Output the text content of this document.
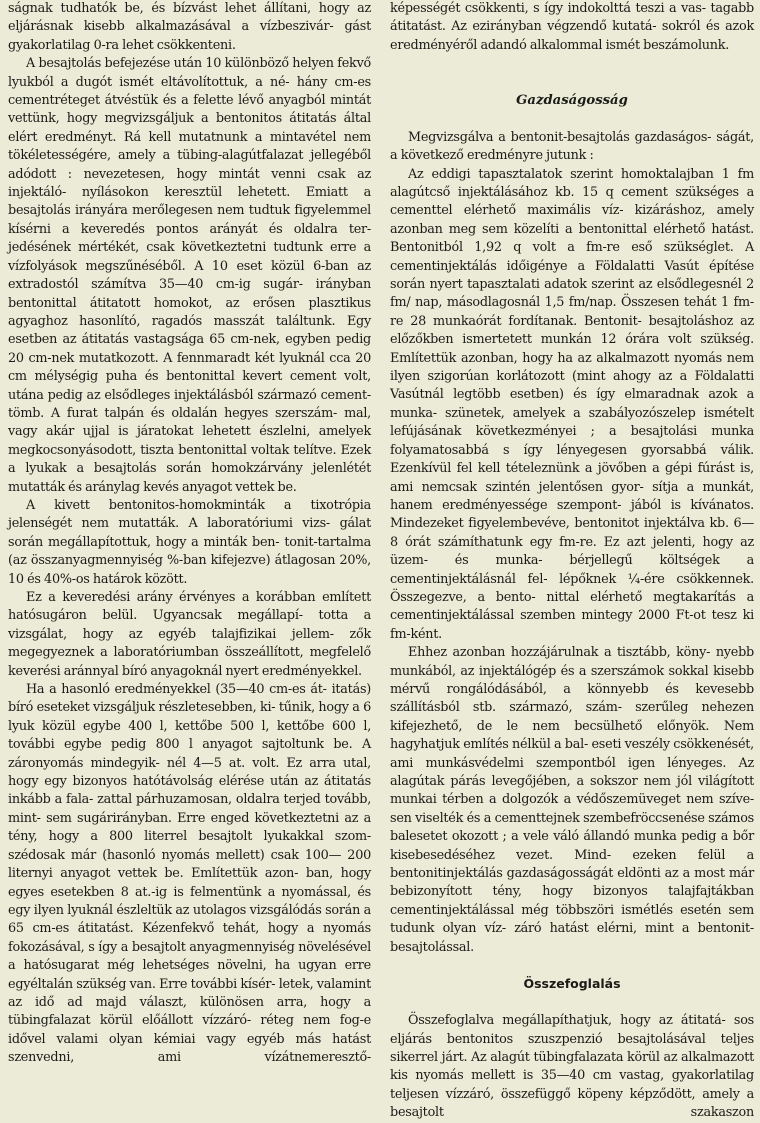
ságnak tudhatók be, és bízvást lehet állítani, hogy az eljárásnak kisebb alkalmazásával a vízbeszivár- gást gyakorlatilag 0-ra lehet csökkenteni.

A besajtolás befejezése után 10 különböző helyen fekvő lyukból a dugót ismét eltávolítottuk, a né- hány cm-es cementréteget átvéstük és a felette lévő anyagból mintát vettünk, hogy megvizsgáljuk a bentonitos átitatás által elért eredményt. Rá kell mutatnunk a mintavétel nem tökéletességére, amely a tübing-alagútfalazat jellegéből adódott : nevezetesen, hogy mintát venni csak az injektáló- nyílásokon keresztül lehetett. Emiatt a besajtolás irányára merőlegesen nem tudtuk figyelemmel kísérni a keveredés pontos arányát és oldalra ter- jedésének mértékét, csak következtetni tudtunk erre a vízfolyások megszűnéséből. A 10 eset közül 6-ban az extradostól számítva 35—40 cm-ig sugár- irányban bentonittal átitatott homokot, az erősen plasztikus agyaghoz hasonlító, ragadós masszát találtunk. Egy esetben az átitatás vastagsága 65 cm-nek, egyben pedig 20 cm-nek mutatkozott. A fennmaradt két lyuknál cca 20 cm mélységig puha és bentonittal kevert cement volt, utána pedig az elsődleges injektálásból származó cement- tömb. A furat talpán és oldalán hegyes szerszám- mal, vagy akár ujjal is járatokat lehetett észlelni, amelyek megkocsonyásodott, tiszta bentonittal voltak telítve. Ezek a lyukak a besajtolás során homokzárvány jelenlétét mutatták és aránylag kevés anyagot vettek be.

A kivett bentonitos-homokminták a tixotrópia jelenségét nem mutatták. A laboratóriumi vizs- gálat során megállapítottuk, hogy a minták ben- tonit-tartalma (az összanyagmennyiség %-ban kifejezve) átlagosan 20%, 10 és 40%-os határok között.

Ez a keveredési arány érvényes a korábban említett hatósugáron belül. Ugyancsak megállapí- totta a vizsgálat, hogy az egyéb talajfizikai jellem- zők megegyeznek a laboratóriumban összeállított, megfelelő keverési aránnyal bíró anyagoknál nyert eredményekkel.

Ha a hasonló eredményekkel (35—40 cm-es át- itatás) bíró eseteket vizsgáljuk részletesebben, ki- tűnik, hogy a 6 lyuk közül egybe 400 l, kettőbe 500 l, kettőbe 600 l, további egybe pedig 800 l anyagot sajtoltunk be. A záronyomás mindegyik- nél 4—5 at. volt. Ez arra utal, hogy egy bizonyos hatótávolság elérése után az átitatás inkább a fala- zattal párhuzamosan, oldalra terjed tovább, mint- sem sugárirányban. Erre enged következtetni az a tény, hogy a 800 literrel besajtolt lyukakkal szom- szédosak már (hasonló nyomás mellett) csak 100— 200 liternyi anyagot vettek be. Említettük azon- ban, hogy egyes esetekben 8 at.-ig is felmentünk a nyomással, és egy ilyen lyuknál észleltük az utolagos vizsgálódás során a 65 cm-es átitatást. Kézenfekvő tehát, hogy a nyomás fokozásával, s így a besajtolt anyagmennyiség növelésével a hatósugarat még lehetséges növelni, ha ugyan erre egyéltalán szükség van. Erre további kísér- letek, valamint az idő ad majd választ, különösen arra, hogy a tübingfalazat körül előállott vízzáró- réteg nem fog-e idővel valami olyan kémiai vagy egyéb más hatást szenvedni, ami vízátnemeresztő-

képességét csökkenti, s így indokolttá teszi a vas- tagabb átitatást. Az ezirányban végzendő kutatá- sokról és azok eredményéről adandó alkalommal ismét beszámolunk.

Gazdaságosság

Megvizsgálva a bentonit-besajtolás gazdaságos- ságát, a következő eredményre jutunk :

Az eddigi tapasztalatok szerint homoktalajban 1 fm alagútcső injektálásához kb. 15 q cement szükséges a cementtel elérhető maximális víz- kizáráshoz, amely azonban meg sem közelíti a bentonittal elérhető hatást. Bentonitból 1,92 q volt a fm-re eső szükséglet. A cementinjektálás időigénye a Földalatti Vasút építése során nyert tapasztalati adatok szerint az elsődlegesnél 2 fm/ nap, másodlagosnál 1,5 fm/nap. Összesen tehát 1 fm-re 28 munkaórát fordítanak. Bentonit- besajtoláshoz az előzőkben ismertetett munkán 12 órára volt szükség. Említettük azonban, hogy ha az alkalmazott nyomás nem ilyen szigorúan korlátozott (mint ahogy az a Földalatti Vasútnál legtöbb esetben) és így elmaradnak azok a munka- szünetek, amelyek a szabályozószelep ismételt lefújásának következményei ; a besajtolási munka folyamatosabbá s így lényegesen gyorsabbá válik. Ezenkívül fel kell tételeznünk a jövőben a gépi fúrást is, ami nemcsak szintén jelentősen gyor- sítja a munkát, hanem eredményessége szempont- jából is kívánatos. Mindezeket figyelembevéve, bentonitot injektálva kb. 6—8 órát számíthatunk egy fm-re. Ez azt jelenti, hogy az üzem- és munka- bérjellegű költségek a cementinjektálásnál fel- lépőknek ¼-ére csökkennek. Összegezve, a bento- nittal elérhető megtakarítás a cementinjektálással szemben mintegy 2000 Ft-ot tesz ki fm-ként.

Ehhez azonban hozzájárulnak a tisztább, köny- nyebb munkából, az injektálógép és a szerszámok sokkal kisebb mérvű rongálódásából, a könnyebb és kevesebb szállításból stb. származó, szám- szerűleg nehezen kifejezhető, de le nem becsülhető előnyök. Nem hagyhatjuk említés nélkül a bal- eseti veszély csökkenését, ami munkásvédelmi szempontból igen lényeges. Az alagútak párás levegőjében, a sokszor nem jól világított munkai térben a dolgozók a védőszemüveget nem szíve- sen viselték és a cementtejnek szembefröccsenése számos balesetet okozott ; a vele váló állandó munka pedig a bőr kisebesedéséhez vezet. Mind- ezeken felül a bentonitinjektálás gazdaságosságát eldönti az a most már bebizonyított tény, hogy bizonyos talajfajtákban cementinjektálással még többszöri ismétlés esetén sem tudunk olyan víz- záró hatást elérni, mint a bentonit-besajtolással.

Összefoglalás

Összefoglalva megállapíthatjuk, hogy az átitatá- sos eljárás bentonitos szuszpenzió besajtolásával teljes sikerrel járt. Az alagút tübingfalazata körül az alkalmazott kis nyomás mellett is 35—40 cm vastag, gyakorlatilag teljesen vízzáró, összefüggő köpeny képződött, amely a besajtolt szakaszon
